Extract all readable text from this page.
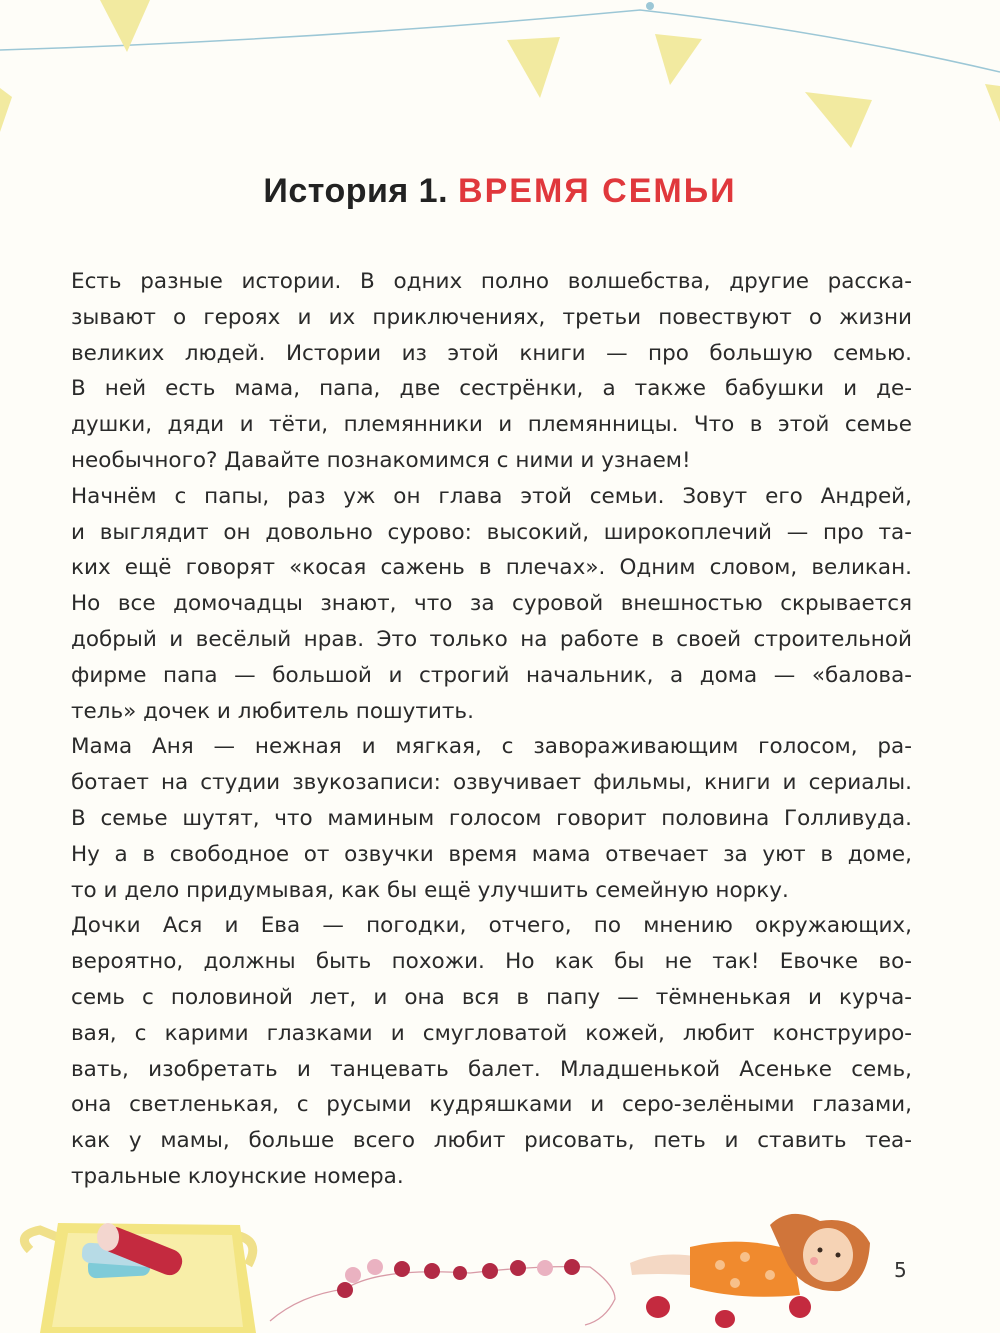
История 1. ВРЕМЯ СЕМЬИ

Есть разные истории. В одних полно волшебства, другие расска-
зывают о героях и их приключениях, третьи повествуют о жизни
великих людей. Истории из этой книги — про большую семью.
В ней есть мама, папа, две сестрёнки, а также бабушки и де-
душки, дяди и тёти, племянники и племянницы. Что в этой семье
необычного? Давайте познакомимся с ними и узнаем!

Начнём с папы, раз уж он глава этой семьи. Зовут его Андрей,
и выглядит он довольно сурово: высокий, широкоплечий — про та-
ких ещё говорят «косая сажень в плечах». Одним словом, великан.
Но все домочадцы знают, что за суровой внешностью скрывается
добрый и весёлый нрав. Это только на работе в своей строительной
фирме папа — большой и строгий начальник, а дома — «балова-
тель» дочек и любитель пошутить.

Мама Аня — нежная и мягкая, с завораживающим голосом, ра-
ботает на студии звукозаписи: озвучивает фильмы, книги и сериалы.
В семье шутят, что маминым голосом говорит половина Голливуда.
Ну а в свободное от озвучки время мама отвечает за уют в доме,
то и дело придумывая, как бы ещё улучшить семейную норку.

Дочки Ася и Ева — погодки, отчего, по мнению окружающих,
вероятно, должны быть похожи. Но как бы не так! Евочке во-
семь с половиной лет, и она вся в папу — тёмненькая и курча-
вая, с карими глазками и смугловатой кожей, любит конструиро-
вать, изобретать и танцевать балет. Младшенькой Асеньке семь,
она светленькая, с русыми кудряшками и серо-зелёными глазами,
как у мамы, больше всего любит рисовать, петь и ставить теа-
тральные клоунские номера.

5
